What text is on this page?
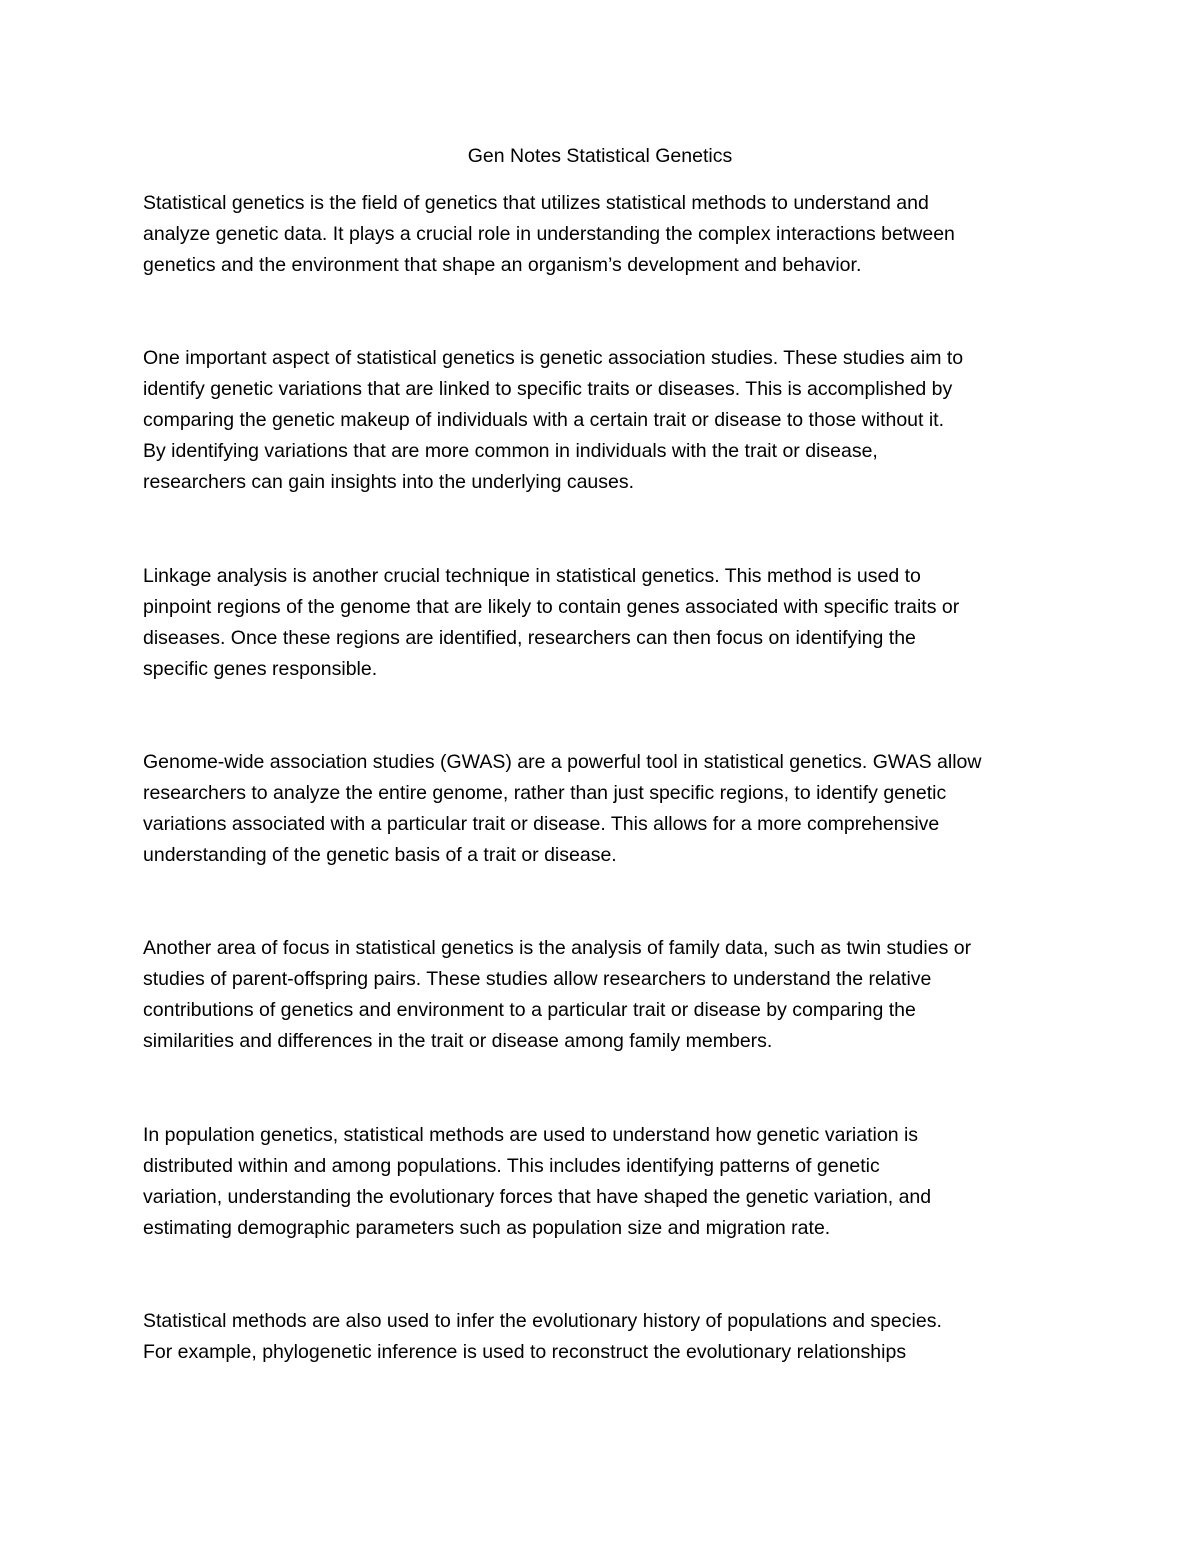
Gen Notes Statistical Genetics

Statistical genetics is the field of genetics that utilizes statistical methods to understand and
analyze genetic data. It plays a crucial role in understanding the complex interactions between
genetics and the environment that shape an organism’s development and behavior.

One important aspect of statistical genetics is genetic association studies. These studies aim to
identify genetic variations that are linked to specific traits or diseases. This is accomplished by
comparing the genetic makeup of individuals with a certain trait or disease to those without it.
By identifying variations that are more common in individuals with the trait or disease,
researchers can gain insights into the underlying causes.

Linkage analysis is another crucial technique in statistical genetics. This method is used to
pinpoint regions of the genome that are likely to contain genes associated with specific traits or
diseases. Once these regions are identified, researchers can then focus on identifying the
specific genes responsible.

Genome-wide association studies (GWAS) are a powerful tool in statistical genetics. GWAS allow
researchers to analyze the entire genome, rather than just specific regions, to identify genetic
variations associated with a particular trait or disease. This allows for a more comprehensive
understanding of the genetic basis of a trait or disease.

Another area of focus in statistical genetics is the analysis of family data, such as twin studies or
studies of parent-offspring pairs. These studies allow researchers to understand the relative
contributions of genetics and environment to a particular trait or disease by comparing the
similarities and differences in the trait or disease among family members.

In population genetics, statistical methods are used to understand how genetic variation is
distributed within and among populations. This includes identifying patterns of genetic
variation, understanding the evolutionary forces that have shaped the genetic variation, and
estimating demographic parameters such as population size and migration rate.

Statistical methods are also used to infer the evolutionary history of populations and species.
For example, phylogenetic inference is used to reconstruct the evolutionary relationships
